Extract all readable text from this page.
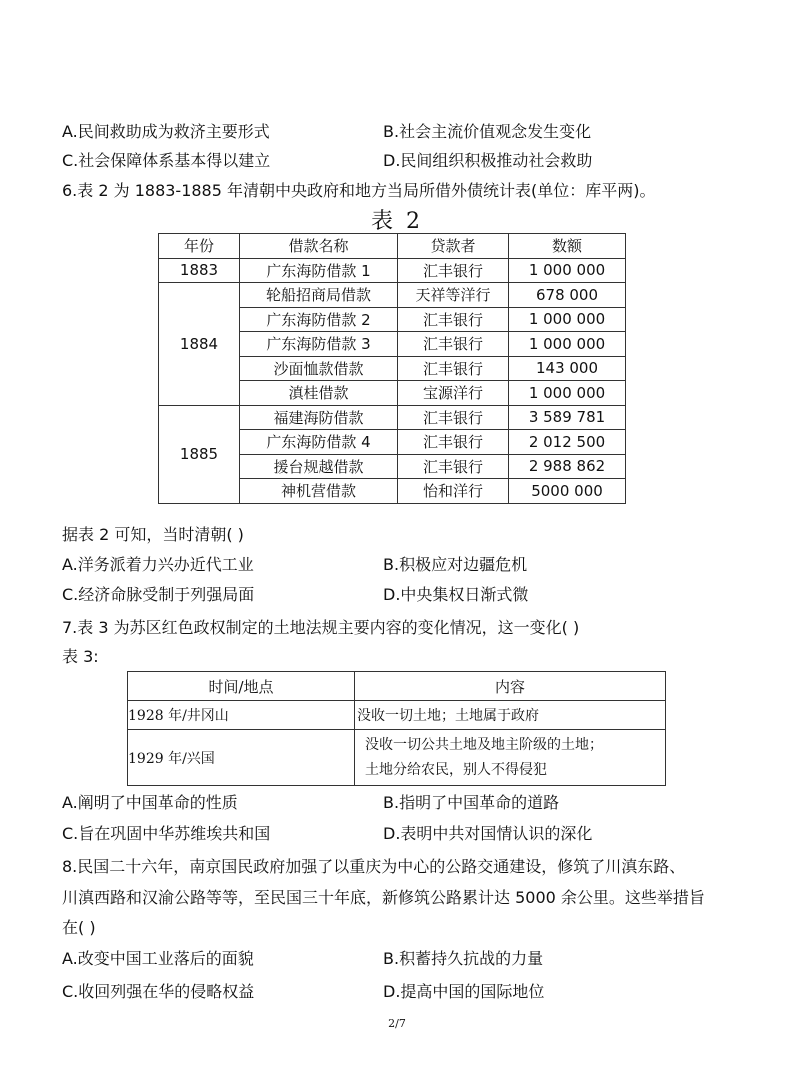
A.民间救助成为救济主要形式	B.社会主流价值观念发生变化
C.社会保障体系基本得以建立	D.民间组织积极推动社会救助
6.表 2 为 1883-1885 年清朝中央政府和地方当局所借外债统计表(单位：库平两)。
表 2
年份	借款名称	贷款者	数额
1883	广东海防借款 1	汇丰银行	1 000 000
1884	轮船招商局借款	天祥等洋行	678 000
	广东海防借款 2	汇丰银行	1 000 000
	广东海防借款 3	汇丰银行	1 000 000
	沙面恤款借款	汇丰银行	143 000
	滇桂借款	宝源洋行	1 000 000
1885	福建海防借款	汇丰银行	3 589 781
	广东海防借款 4	汇丰银行	2 012 500
	援台规越借款	汇丰银行	2 988 862
	神机营借款	怡和洋行	5000 000
据表 2 可知，当时清朝( )
A.洋务派着力兴办近代工业	B.积极应对边疆危机
C.经济命脉受制于列强局面	D.中央集权日渐式微
7.表 3 为苏区红色政权制定的土地法规主要内容的变化情况，这一变化( )
表 3:
时间/地点	内容
1928 年/井冈山	没收一切土地；土地属于政府
1929 年/兴国	没收一切公共土地及地主阶级的土地；
土地分给农民，别人不得侵犯
A.阐明了中国革命的性质	B.指明了中国革命的道路
C.旨在巩固中华苏维埃共和国	D.表明中共对国情认识的深化
8.民国二十六年，南京国民政府加强了以重庆为中心的公路交通建设，修筑了川滇东路、
川滇西路和汉渝公路等等，至民国三十年底，新修筑公路累计达 5000 余公里。这些举措旨
在( )
A.改变中国工业落后的面貌	B.积蓄持久抗战的力量
C.收回列强在华的侵略权益	D.提高中国的国际地位
2/7
